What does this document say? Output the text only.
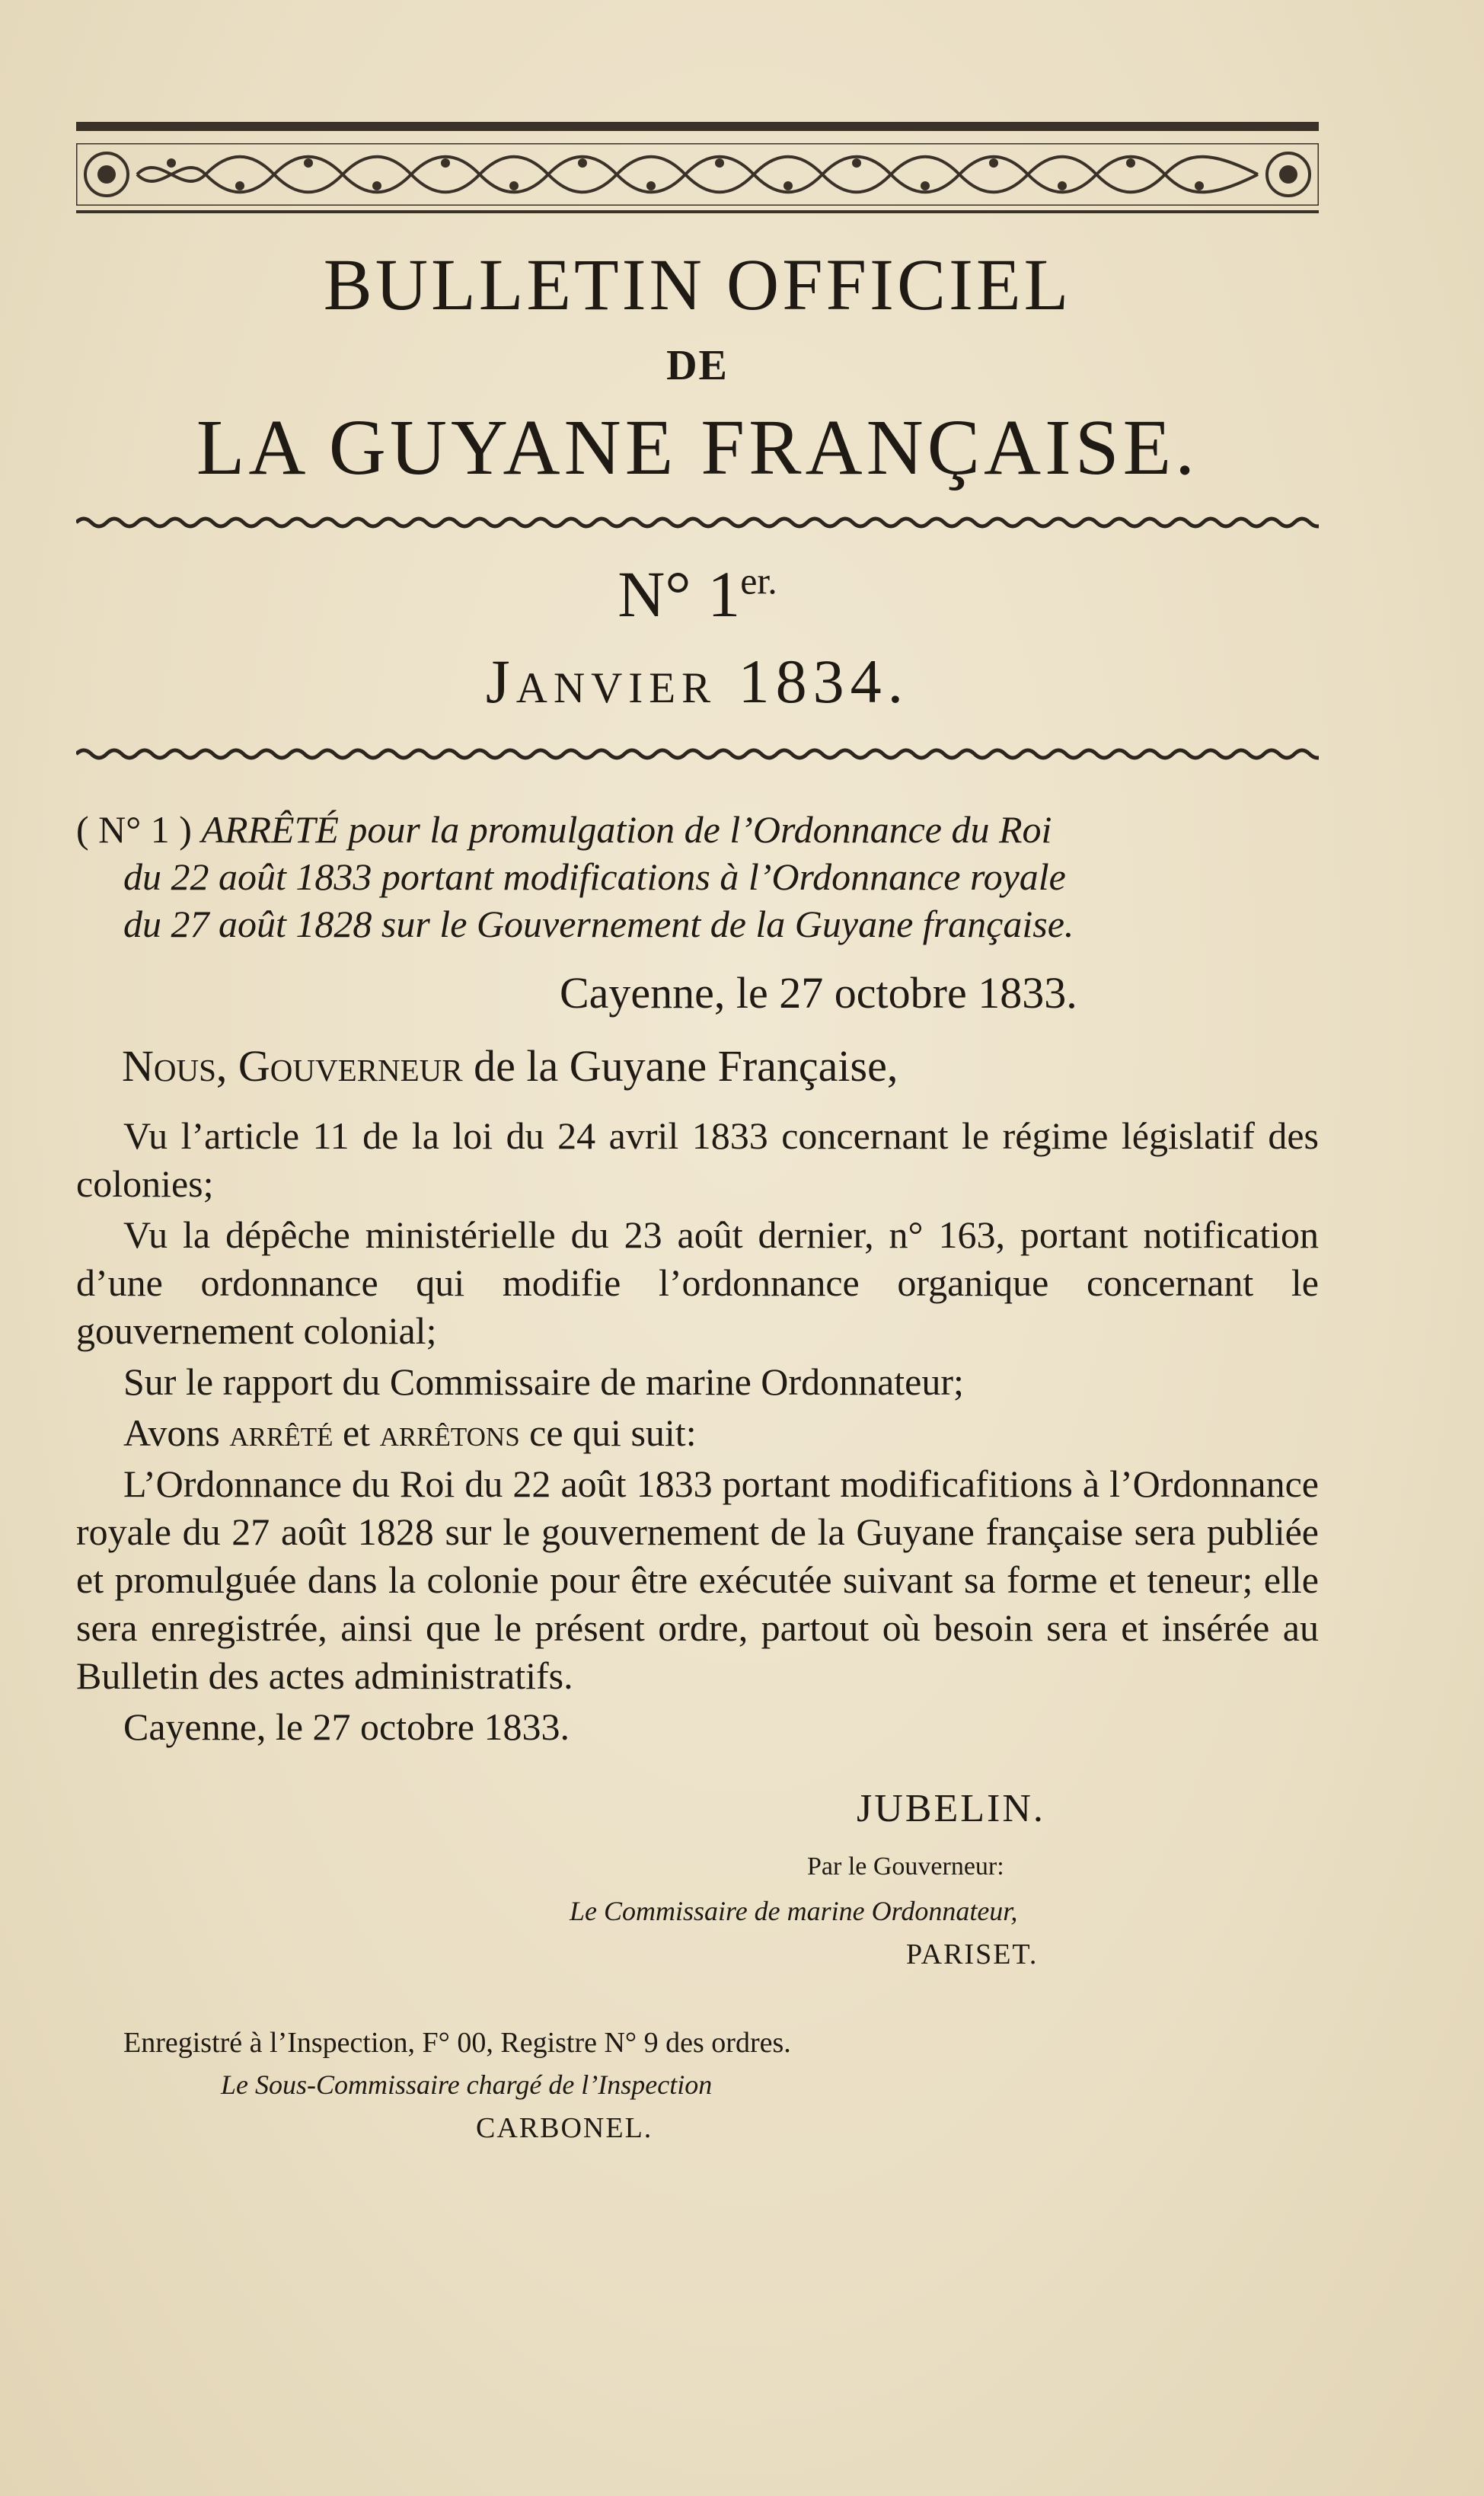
BULLETIN OFFICIEL
DE
LA GUYANE FRANÇAISE.
N° $1^{er.}$
Janvier 1834.
( N° 1 ) ARRÊTÉ pour la promulgation de l’Ordonnance du Roi
du 22 août 1833 portant modifications à l’Ordonnance royale
du 27 août 1828 sur le Gouvernement de la Guyane française.
Cayenne, le 27 octobre 1833.
Nous, Gouverneur de la Guyane Française,

Vu l’article 11 de la loi du 24 avril 1833 concernant le régime législatif des colonies;

Vu la dépêche ministérielle du 23 août dernier, n° 163, portant notification d’une ordonnance qui modifie l’ordonnance organique concernant le gouvernement colonial;

Sur le rapport du Commissaire de marine Ordonnateur;

Avons arrêté et arrêtons ce qui suit:

L’Ordonnance du Roi du 22 août 1833 portant modificafitions à l’Ordonnance royale du 27 août 1828 sur le gouvernement de la Guyane française sera publiée et promulguée dans la colonie pour être exécutée suivant sa forme et teneur; elle sera enregistrée, ainsi que le présent ordre, partout où besoin sera et insérée au Bulletin des actes administratifs.

Cayenne, le 27 octobre 1833.

JUBELIN.
Par le Gouverneur:
Le Commissaire de marine Ordonnateur,
PARISET.
Enregistré à l’Inspection, F° 00, Registre N° 9 des ordres.
Le Sous-Commissaire chargé de l’Inspection
CARBONEL.
